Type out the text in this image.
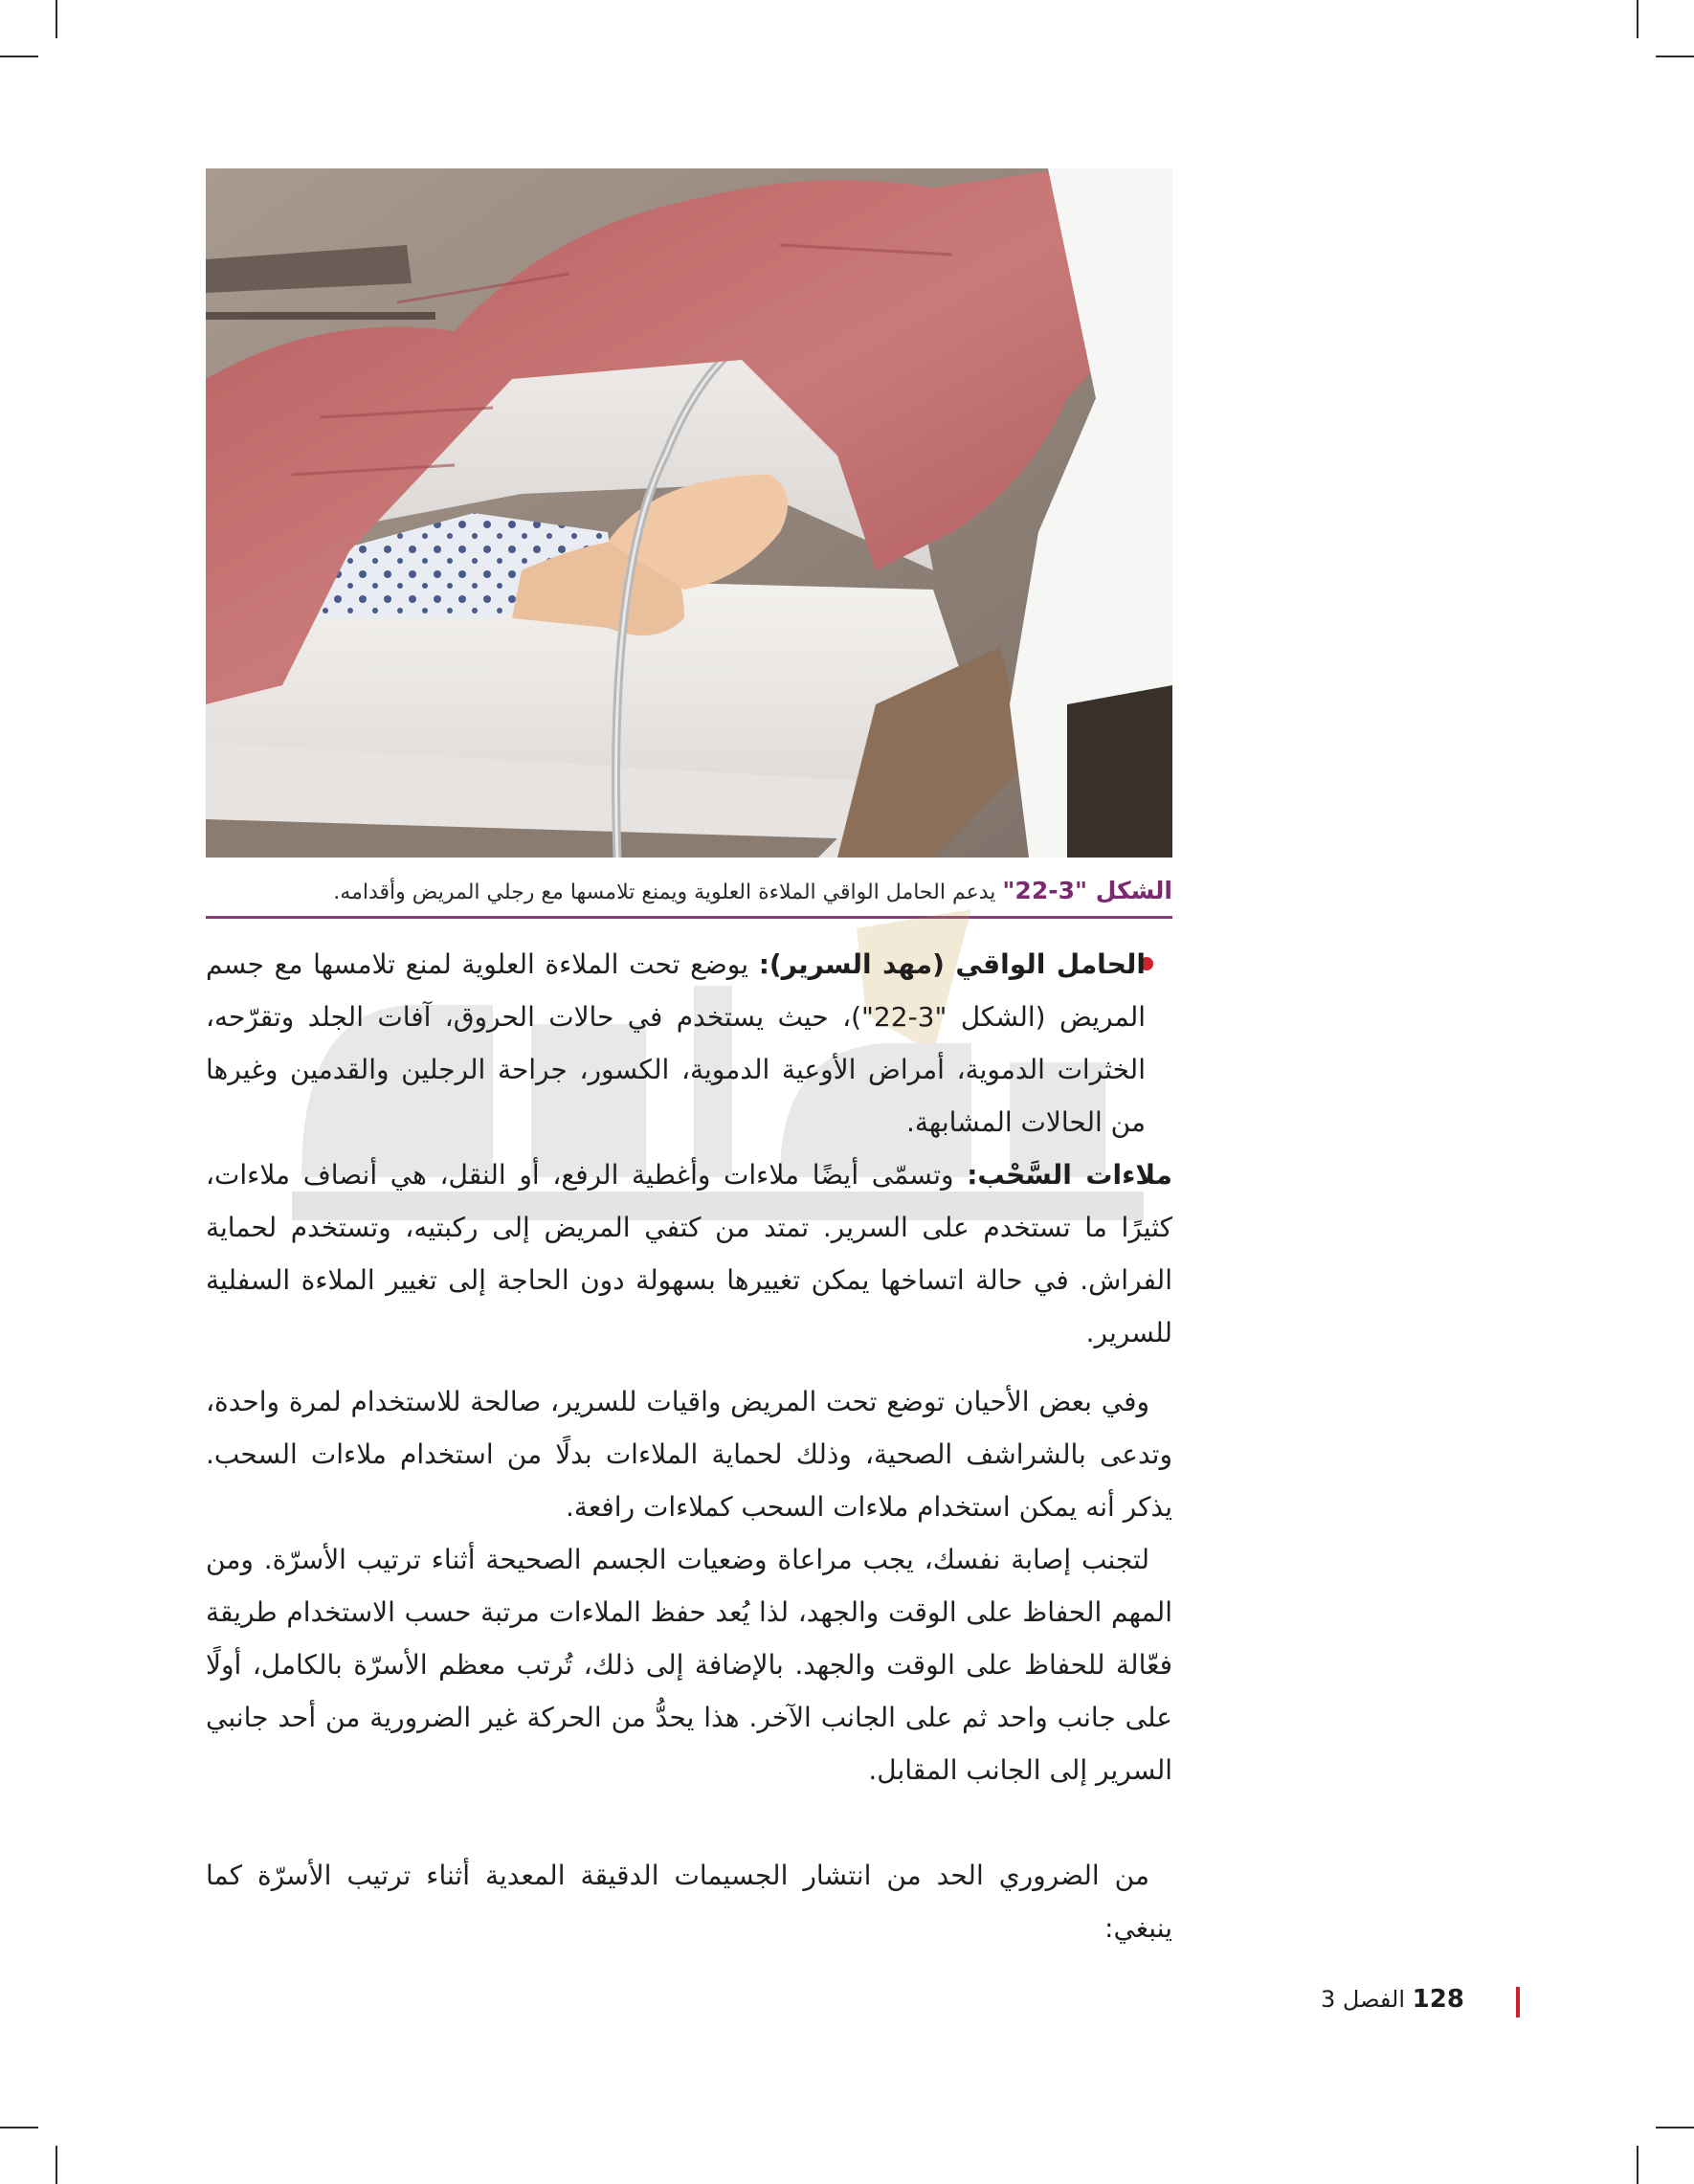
الشكل "3-22" يدعم الحامل الواقي الملاءة العلوية ويمنع تلامسها مع رجلي المريض وأقدامه.

الحامل الواقي (مهد السرير): يوضع تحت الملاءة العلوية لمنع تلامسها مع جسم المريض (الشكل "3-22")، حيث يستخدم في حالات الحروق، آفات الجلد وتقرّحه، الخثرات الدموية، أمراض الأوعية الدموية، الكسور، جراحة الرجلين والقدمين وغيرها من الحالات المشابهة.

ملاءات السَّحْب: وتسمّى أيضًا ملاءات وأغطية الرفع، أو النقل، هي أنصاف ملاءات، كثيرًا ما تستخدم على السرير. تمتد من كتفي المريض إلى ركبتيه، وتستخدم لحماية الفراش. في حالة اتساخها يمكن تغييرها بسهولة دون الحاجة إلى تغيير الملاءة السفلية للسرير.

وفي بعض الأحيان توضع تحت المريض واقيات للسرير، صالحة للاستخدام لمرة واحدة، وتدعى بالشراشف الصحية، وذلك لحماية الملاءات بدلًا من استخدام ملاءات السحب. يذكر أنه يمكن استخدام ملاءات السحب كملاءات رافعة.

لتجنب إصابة نفسك، يجب مراعاة وضعيات الجسم الصحيحة أثناء ترتيب الأسرّة. ومن المهم الحفاظ على الوقت والجهد، لذا يُعد حفظ الملاءات مرتبة حسب الاستخدام طريقة فعّالة للحفاظ على الوقت والجهد. بالإضافة إلى ذلك، تُرتب معظم الأسرّة بالكامل، أولًا على جانب واحد ثم على الجانب الآخر. هذا يحدُّ من الحركة غير الضرورية من أحد جانبي السرير إلى الجانب المقابل.

من الضروري الحد من انتشار الجسيمات الدقيقة المعدية أثناء ترتيب الأسرّة كما ينبغي:

128 الفصل 3
